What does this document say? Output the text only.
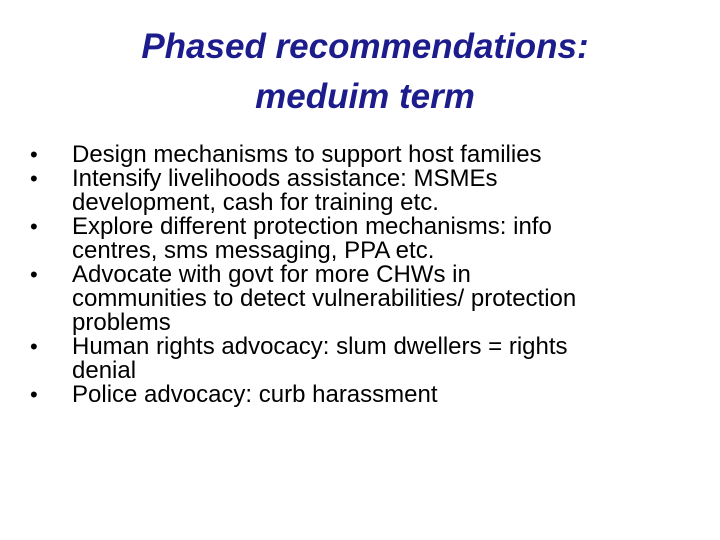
Phased recommendations:
meduim term
•	Design mechanisms to support host families
•	Intensify livelihoods assistance: MSMEs
development, cash for training etc.
•	Explore different protection mechanisms: info
centres, sms messaging, PPA etc.
•	Advocate with govt for more CHWs in
communities to detect vulnerabilities/ protection
problems
•	Human rights advocacy: slum dwellers = rights
denial
•	Police advocacy: curb harassment
